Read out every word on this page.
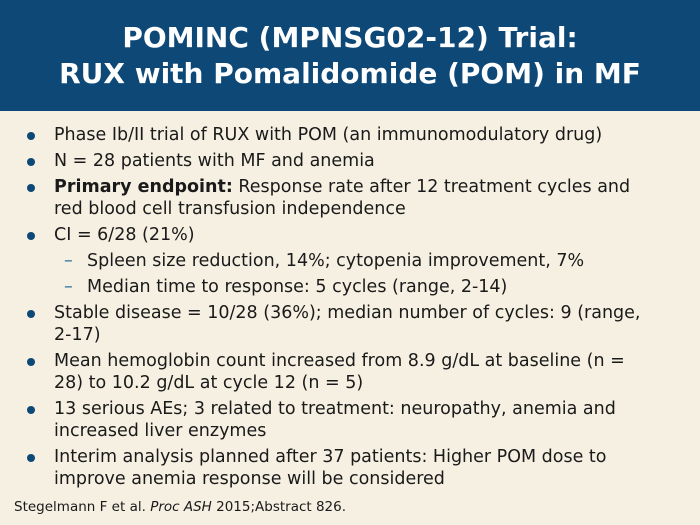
POMINC (MPNSG02-12) Trial:
RUX with Pomalidomide (POM) in MF
Phase Ib/II trial of RUX with POM (an immunomodulatory drug)
N = 28 patients with MF and anemia
Primary endpoint: Response rate after 12 treatment cycles and red blood cell transfusion independence
CI = 6/28 (21%)
– Spleen size reduction, 14%; cytopenia improvement, 7%
– Median time to response: 5 cycles (range, 2-14)
Stable disease = 10/28 (36%); median number of cycles: 9 (range, 2-17)
Mean hemoglobin count increased from 8.9 g/dL at baseline (n = 28) to 10.2 g/dL at cycle 12 (n = 5)
13 serious AEs; 3 related to treatment: neuropathy, anemia and increased liver enzymes
Interim analysis planned after 37 patients: Higher POM dose to improve anemia response will be considered
Stegelmann F et al. Proc ASH 2015;Abstract 826.
